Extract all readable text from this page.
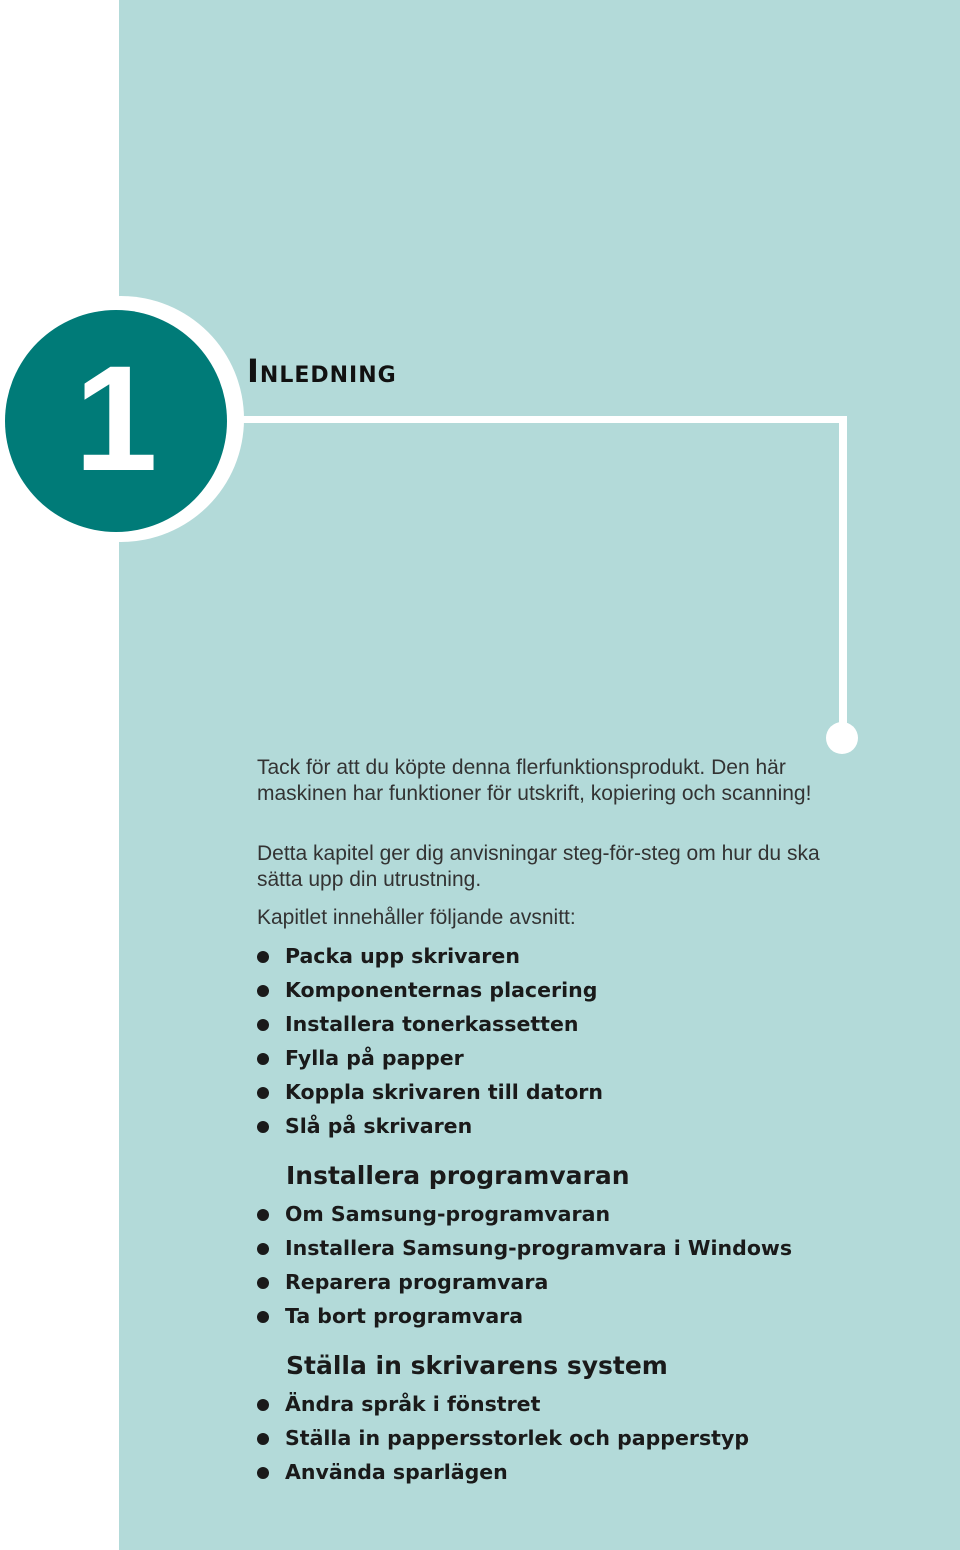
1	Inledning
Tack för att du köpte denna flerfunktionsprodukt. Den här maskinen har funktioner för utskrift, kopiering och scanning!
Detta kapitel ger dig anvisningar steg-för-steg om hur du ska sätta upp din utrustning.
Kapitlet innehåller följande avsnitt:
Packa upp skrivaren
Komponenternas placering
Installera tonerkassetten
Fylla på papper
Koppla skrivaren till datorn
Slå på skrivaren
Installera programvaran
Om Samsung-programvaran
Installera Samsung-programvara i Windows
Reparera programvara
Ta bort programvara
Ställa in skrivarens system
Ändra språk i fönstret
Ställa in pappersstorlek och papperstyp
Använda sparlägen
